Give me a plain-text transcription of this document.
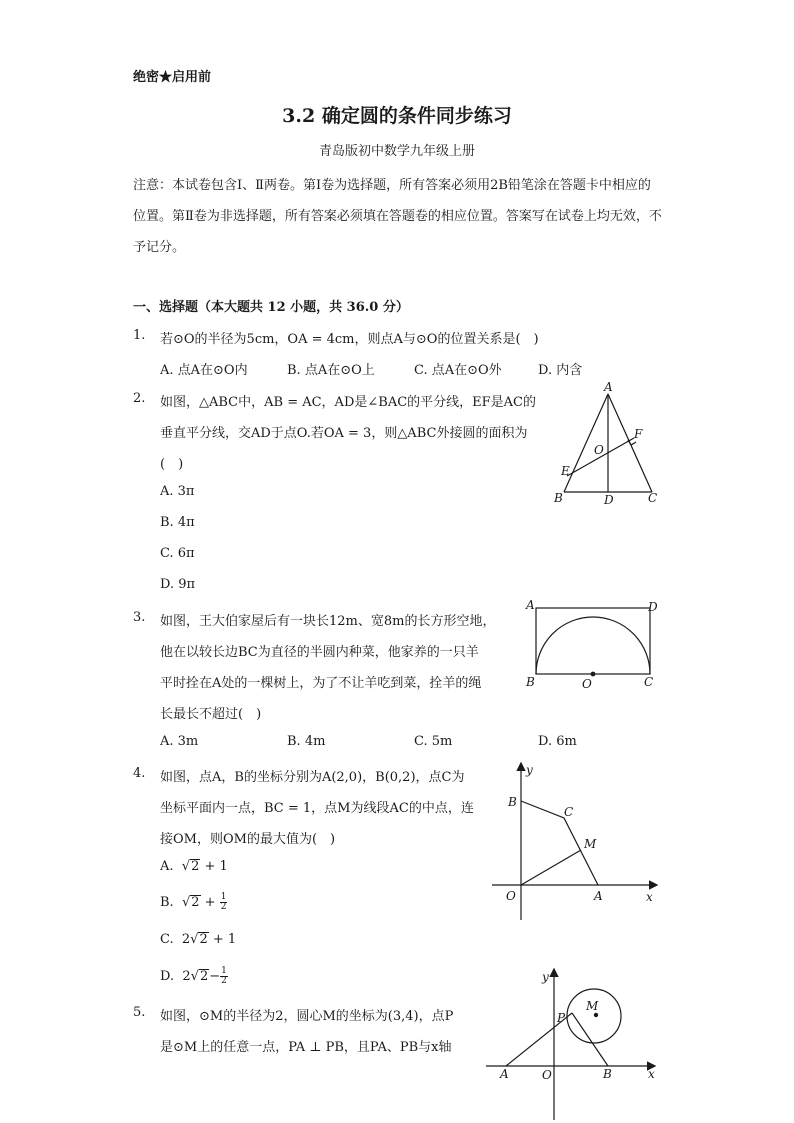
绝密★启用前
3.2 确定圆的条件同步练习
青岛版初中数学九年级上册
注意：本试卷包含Ⅰ、Ⅱ两卷。第Ⅰ卷为选择题，所有答案必须用2B铅笔涂在答题卡中相应的位置。第Ⅱ卷为非选择题，所有答案必须填在答题卷的相应位置。答案写在试卷上均无效，不予记分。
一、选择题（本大题共 12 小题，共 36.0 分）
1. 若⊙O的半径为5cm，OA = 4cm，则点A与⊙O的位置关系是(　)
A. 点A在⊙O内	B. 点A在⊙O上	C. 点A在⊙O外	D. 内含
2. 如图，△ABC中，AB = AC，AD是∠BAC的平分线，EF是AC的
垂直平分线，交AD于点O.若OA = 3，则△ABC外接圆的面积为
(　)
A. 3π
B. 4π
C. 6π
D. 9π
A
B	C
D
E
F
O
3. 如图，王大伯家屋后有一块长12m、宽8m的长方形空地，
他在以较长边BC为直径的半圆内种菜，他家养的一只羊
平时拴在A处的一棵树上，为了不让羊吃到菜，拴羊的绳
长最长不超过(　)
A. 3m	B. 4m	C. 5m	D. 6m
A	D
B	C
O
4. 如图，点A，B的坐标分别为A(2,0)，B(0,2)，点C为
坐标平面内一点，BC = 1，点M为线段AC的中点，连
接OM，则OM的最大值为(　)
A.  √2 + 1
B.  $√2 + \frac{1}{2}$
C. 2√2 + 1
D. $2√2- \frac{1}{2}$
y
x
B
C
M
O	A
5. 如图，⊙M的半径为2，圆心M的坐标为(3,4)，点P
是⊙M上的任意一点，PA ⊥ PB，且PA、PB与x轴
y
x
M
P
A	O	B
